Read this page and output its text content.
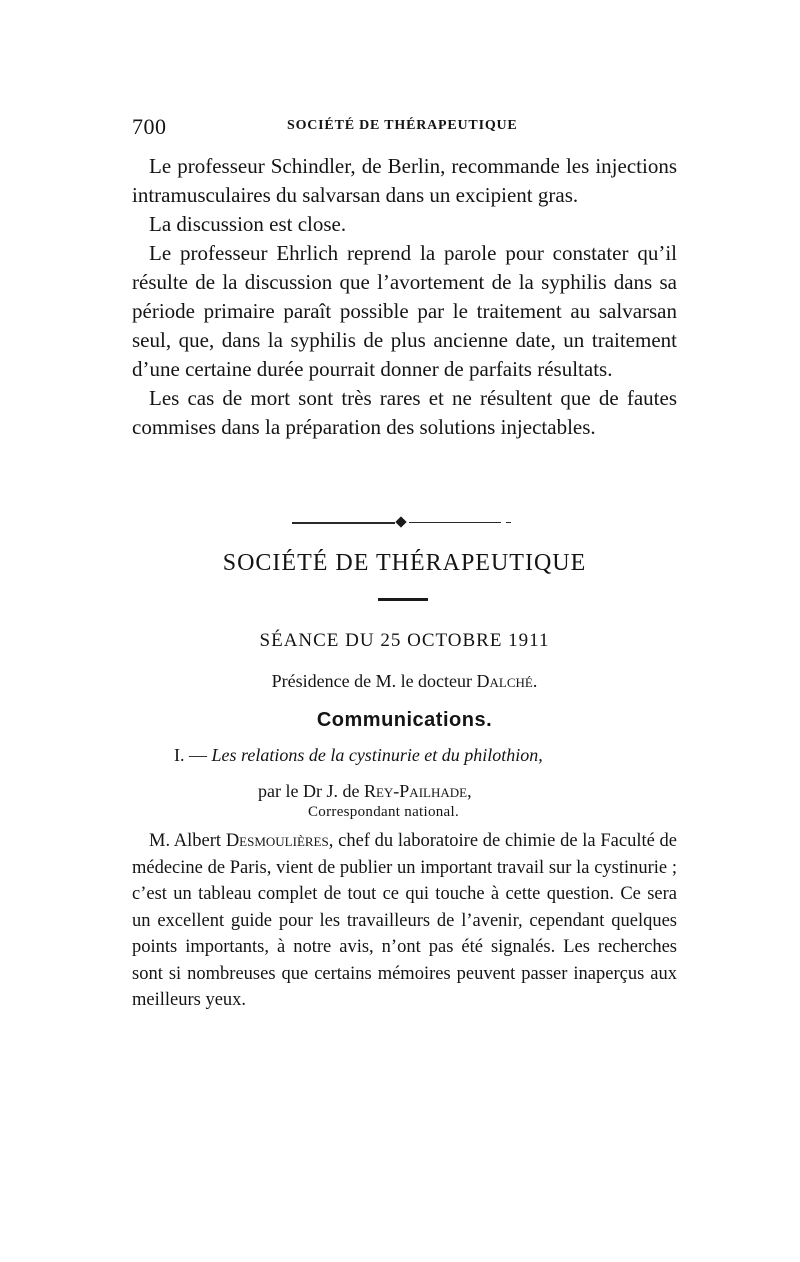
700	SOCIÉTÉ DE THÉRAPEUTIQUE

Le professeur Schindler, de Berlin, recommande les injections intramusculaires du salvarsan dans un excipient gras.

La discussion est close.

Le professeur Ehrlich reprend la parole pour constater qu’il résulte de la discussion que l’avortement de la syphilis dans sa période primaire paraît possible par le traitement au salvarsan seul, que, dans la syphilis de plus ancienne date, un traitement d’une certaine durée pourrait donner de parfaits résultats.

Les cas de mort sont très rares et ne résultent que de fautes commises dans la préparation des solutions injectables.

SOCIÉTÉ DE THÉRAPEUTIQUE
SÉANCE DU 25 OCTOBRE 1911
Présidence de M. le docteur Dalché.
Communications.
I. — Les relations de la cystinurie et du philothion,
par le Dr J. de Rey-Pailhade,
Correspondant national.

M. Albert Desmoulières, chef du laboratoire de chimie de la Faculté de médecine de Paris, vient de publier un important travail sur la cystinurie ; c’est un tableau complet de tout ce qui touche à cette question. Ce sera un excellent guide pour les travailleurs de l’avenir, cependant quelques points importants, à notre avis, n’ont pas été signalés. Les recherches sont si nombreuses que certains mémoires peuvent passer inaperçus aux meilleurs yeux.
